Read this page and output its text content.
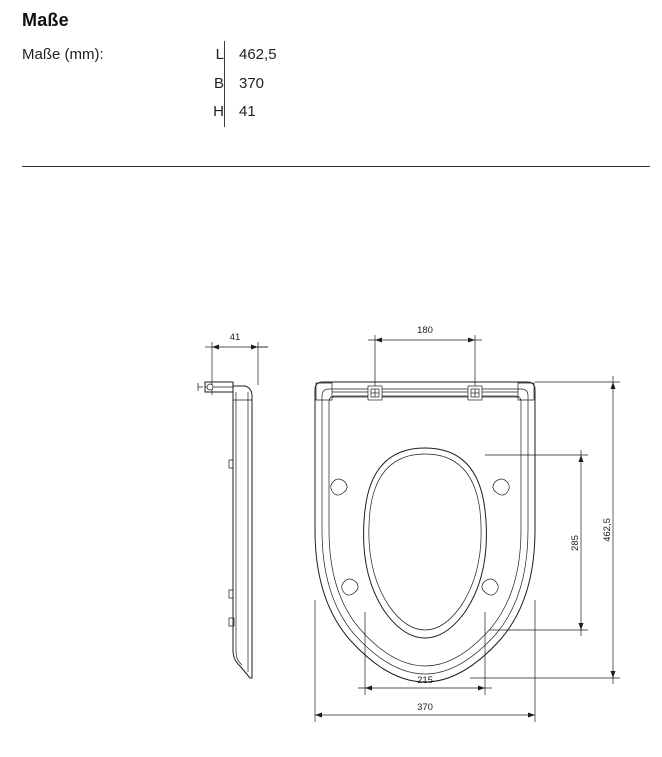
Maße
Maße (mm):	L	462,5
	B	370
	H	41
41
180
215
370
285
462,5
